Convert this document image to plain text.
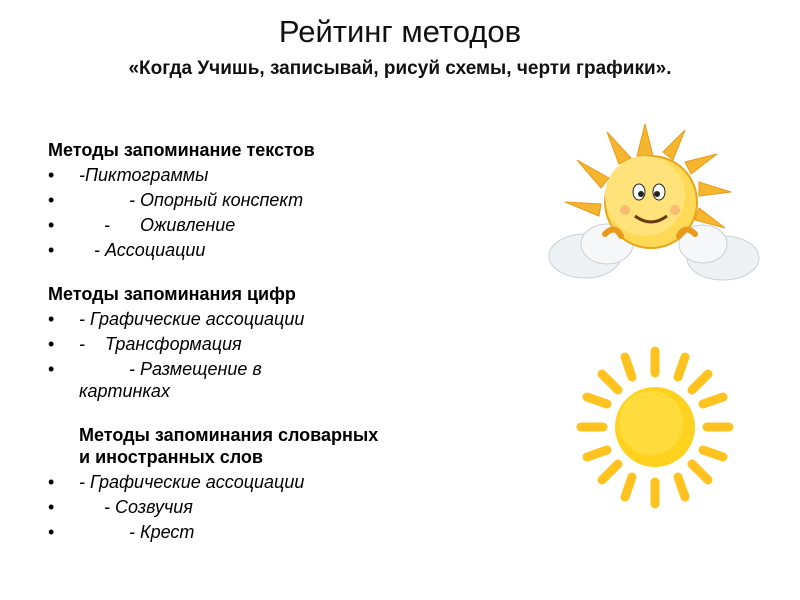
Рейтинг методов
«Когда Учишь, записывай, рисуй схемы, черти графики».
Методы запоминание текстов
• -Пиктограммы
•           - Опорный конспект
•      -      Оживление
•    - Ассоциации
Методы запоминания цифр
• - Графические ассоциации
• -    Трансформация
•           - Размещение в картинках
Методы запоминания словарных и иностранных слов
• - Графические ассоциации
•      - Созвучия
•           - Крест
